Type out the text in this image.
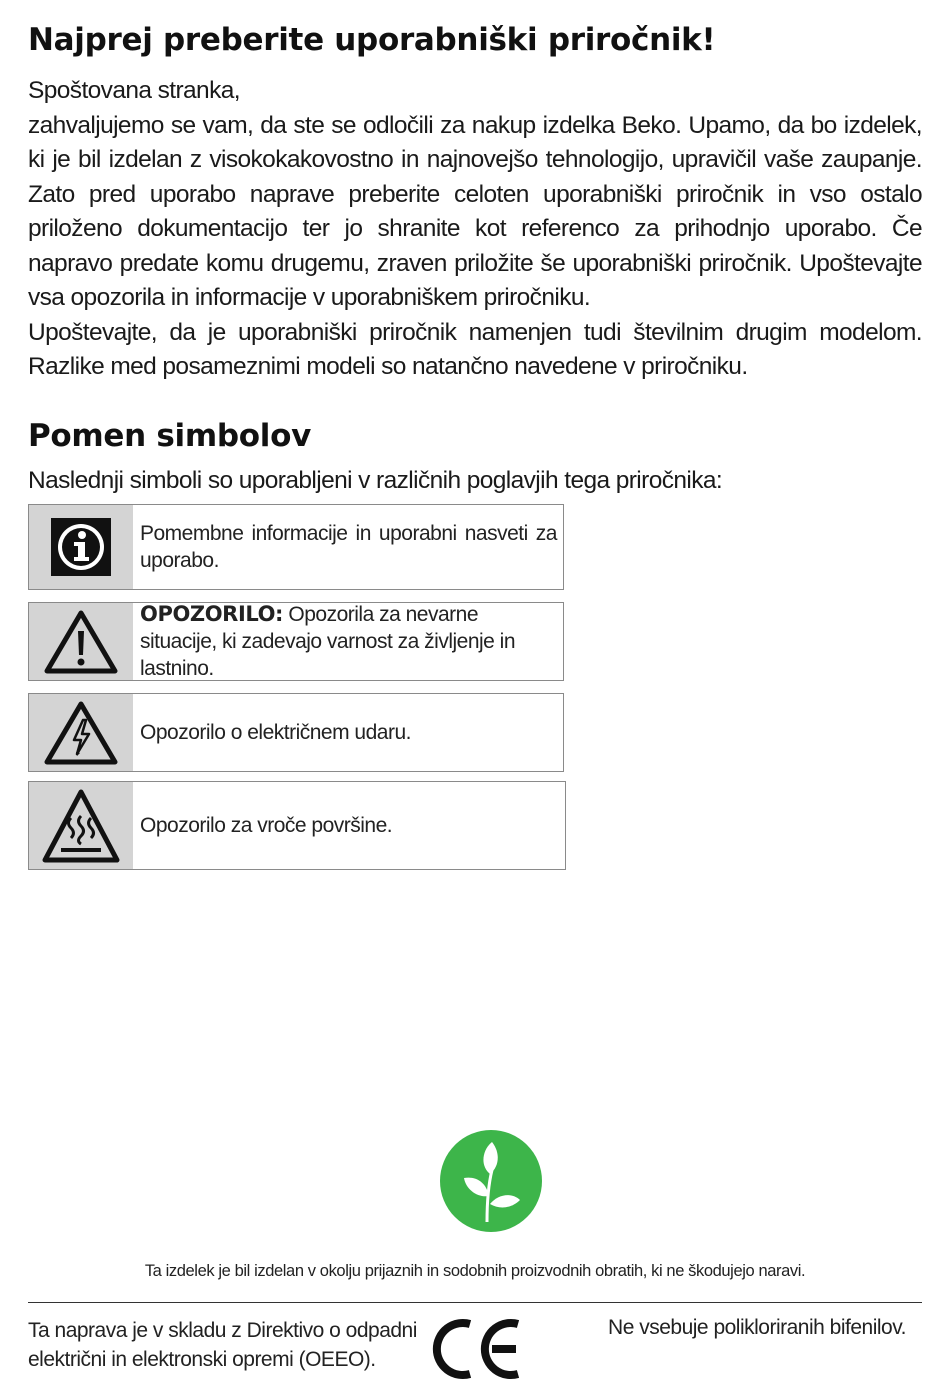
Najprej preberite uporabniški priročnik!

Spoštovana stranka,

zahvaljujemo se vam, da ste se odločili za nakup izdelka Beko. Upamo, da bo izdelek, ki je bil izdelan z visokokakovostno in najnovejšo tehnologijo, upravičil vaše zaupanje. Zato pred uporabo naprave preberite celoten uporabniški priročnik in vso ostalo priloženo dokumentacijo ter jo shranite kot referenco za prihodnjo uporabo. Če napravo predate komu drugemu, zraven priložite še uporabniški priročnik. Upoštevajte vsa opozorila in informacije v uporabniškem priročniku.

Upoštevajte, da je uporabniški priročnik namenjen tudi številnim drugim modelom. Razlike med posameznimi modeli so natančno navedene v priročniku.

Pomen simbolov

Naslednji simboli so uporabljeni v različnih poglavjih tega priročnika:

Pomembne informacije in uporabni nasveti za uporabo.
OPOZORILO: Opozorila za nevarne situacije, ki zadevajo varnost za življenje in lastnino.
Opozorilo o električnem udaru.
Opozorilo za vroče površine.

Ta izdelek je bil izdelan v okolju prijaznih in sodobnih proizvodnih obratih, ki ne škodujejo naravi.

Ta naprava je v skladu z Direktivo o odpadni električni in elektronski opremi (OEEO).

Ne vsebuje polikloriranih bifenilov.
